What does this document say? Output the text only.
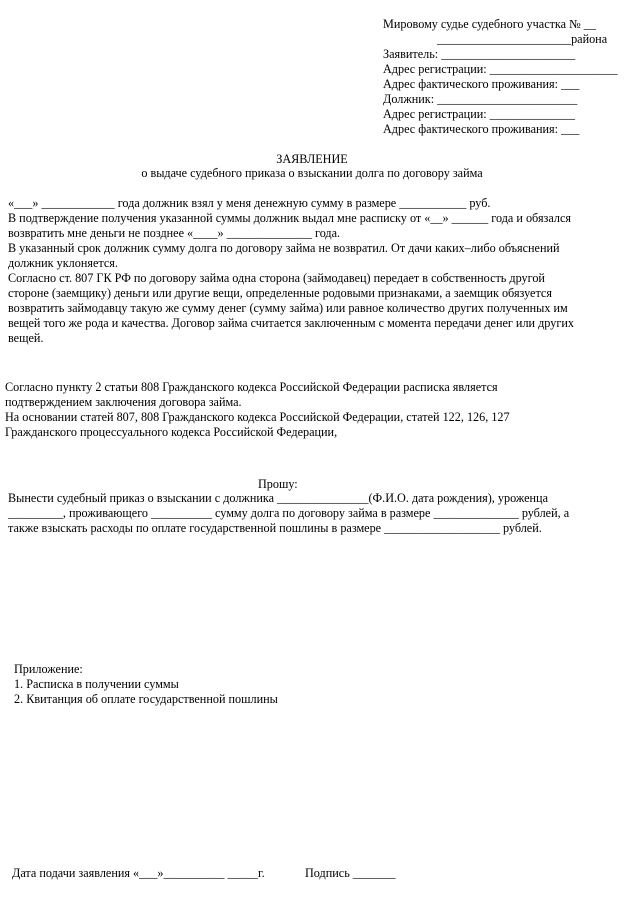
Мировому судье судебного участка № __
______________________района
Заявитель: ______________________
Адрес регистрации: _____________________
Адрес фактического проживания: ___
Должник: _______________________
Адрес регистрации: ______________
Адрес фактического проживания: ___
ЗАЯВЛЕНИЕ
о выдаче судебного приказа о взыскании долга по договору займа
«___» ____________ года должник взял у меня денежную сумму в размере ___________ руб.
В подтверждение получения указанной суммы должник выдал мне расписку от «__» ______ года и обязался
возвратить мне деньги не позднее «____» ______________ года.
В указанный срок должник сумму долга по договору займа не возвратил. От дачи каких–либо объяснений
должник уклоняется.
Согласно ст. 807 ГК РФ по договору займа одна сторона (займодавец) передает в собственность другой
стороне (заемщику) деньги или другие вещи, определенные родовыми признаками, а заемщик обязуется
возвратить займодавцу такую же сумму денег (сумму займа) или равное количество других полученных им
вещей того же рода и качества. Договор займа считается заключенным с момента передачи денег или других
вещей.
Согласно пункту 2 статьи 808 Гражданского кодекса Российской Федерации расписка является
подтверждением заключения договора займа.
На основании статей 807, 808 Гражданского кодекса Российской Федерации, статей 122, 126, 127
Гражданского процессуального кодекса Российской Федерации,
Прошу:
Вынести судебный приказ о взыскании с должника _______________(Ф.И.О. дата рождения), уроженца
_________, проживающего __________ сумму долга по договору займа в размере ______________ рублей, а
также взыскать расходы по оплате государственной пошлины в размере ___________________ рублей.
Приложение:
1. Расписка в получении суммы
2. Квитанция об оплате государственной пошлины
Дата подачи заявления «___»__________ _____г.	Подпись _______
